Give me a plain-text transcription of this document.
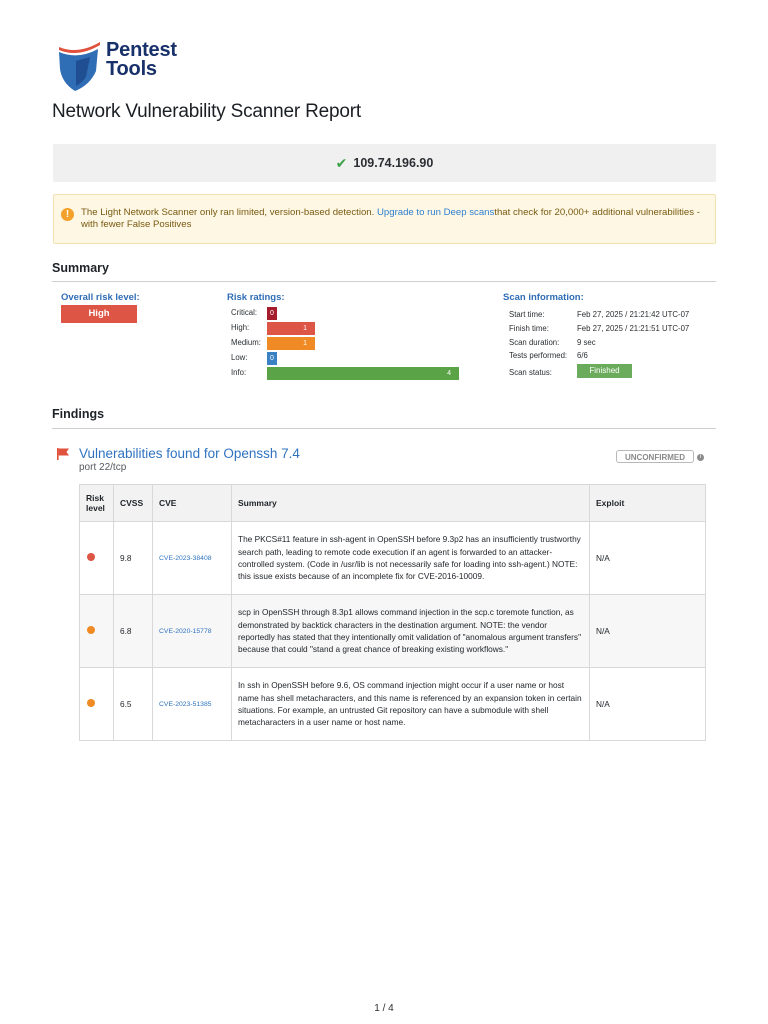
Pentest
Tools
Network Vulnerability Scanner Report
✔ 109.74.196.90
!	The Light Network Scanner only ran limited, version-based detection. Upgrade to run Deep scansthat check for 20,000+ additional vulnerabilities - with fewer False Positives
Summary
Overall risk level:
High
Risk ratings:
Critical:	0
High:	1
Medium:	1
Low:	0
Info:	4
Scan information:
Start time:	Feb 27, 2025 / 21:21:42 UTC-07
Finish time:	Feb 27, 2025 / 21:21:51 UTC-07
Scan duration: 9 sec
Tests performed: 6/6
Scan status:	Finished
Findings
Vulnerabilities found for Openssh 7.4
port 22/tcp
UNCONFIRMED	i
Risk level	CVSS	CVE	Summary	Exploit
	9.8	CVE-2023-38408	The PKCS#11 feature in ssh-agent in OpenSSH before 9.3p2 has an insufficiently trustworthy search path, leading to remote code execution if an agent is forwarded to an attacker-controlled system. (Code in /usr/lib is not necessarily safe for loading into ssh-agent.) NOTE: this issue exists because of an incomplete fix for CVE-2016-10009.	N/A
	6.8	CVE-2020-15778	scp in OpenSSH through 8.3p1 allows command injection in the scp.c toremote function, as demonstrated by backtick characters in the destination argument. NOTE: the vendor reportedly has stated that they intentionally omit validation of "anomalous argument transfers" because that could "stand a great chance of breaking existing workflows."	N/A
	6.5	CVE-2023-51385	In ssh in OpenSSH before 9.6, OS command injection might occur if a user name or host name has shell metacharacters, and this name is referenced by an expansion token in certain situations. For example, an untrusted Git repository can have a submodule with shell metacharacters in a user name or host name.	N/A
1 / 4
